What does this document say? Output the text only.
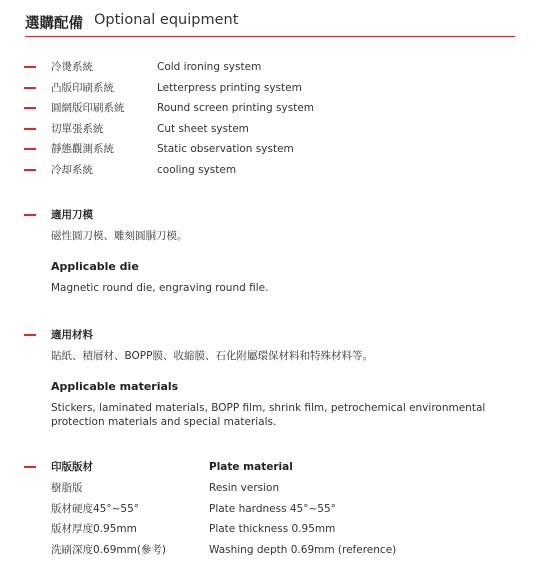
選購配備 Optional equipment
冷燙系統	Cold ironing system
凸版印刷系統	Letterpress printing system
圓網版印刷系統	Round screen printing system
切單張系統	Cut sheet system
靜態觀測系統	Static observation system
冷却系統	cooling system
適用刀模
磁性圓刀模、雕刻圓胴刀模。
Applicable die
Magnetic round die, engraving round file.
適用材料
貼紙、積層材、BOPP膜、收縮膜、石化附屬環保材料和特殊材料等。
Applicable materials
Stickers, laminated materials, BOPP film, shrink film, petrochemical environmental protection materials and special materials.
印版版材	Plate material
樹脂版	Resin version
版材硬度45°~55°	Plate hardness 45°~55°
版材厚度0.95mm	Plate thickness 0.95mm
洗刷深度0.69mm(參考)	Washing depth 0.69mm (reference)
